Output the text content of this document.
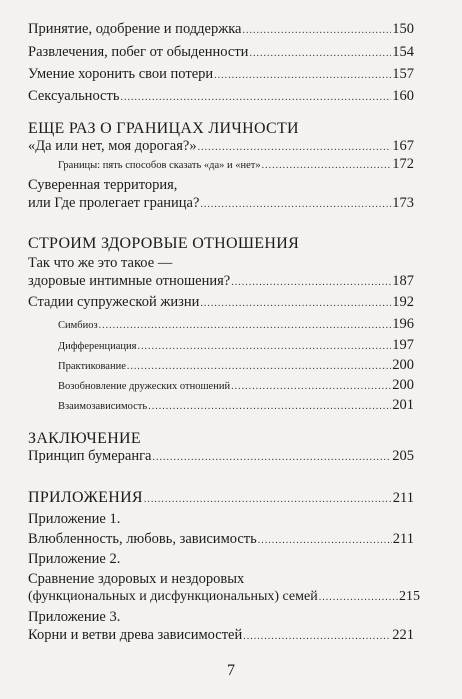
Принятие, одобрение и поддержка .....	150
Развлечения, побег от обыденности .....	154
Умение хоронить свои потери .....	157
Сексуальность .....	160
ЕЩЕ РАЗ О ГРАНИЦАХ ЛИЧНОСТИ
«Да или нет, моя дорогая?» .....	167
Границы: пять способов сказать «да» и «нет» .....	172
Суверенная территория,
или Где пролегает граница? .....	173
СТРОИМ ЗДОРОВЫЕ ОТНОШЕНИЯ
Так что же это такое —
здоровые интимные отношения? .....	187
Стадии супружеской жизни .....	192
Симбиоз .....	196
Дифференциация .....	197
Практикование .....	200
Возобновление дружеских отношений .....	200
Взаимозависимость .....	201
ЗАКЛЮЧЕНИЕ
Принцип бумеранга .....	205
ПРИЛОЖЕНИЯ .....	211
Приложение 1.
Влюбленность, любовь, зависимость .....	211
Приложение 2.
Сравнение здоровых и нездоровых
(функциональных и дисфункциональных) семей .....	215
Приложение 3.
Корни и ветви древа зависимостей .....	221
7
